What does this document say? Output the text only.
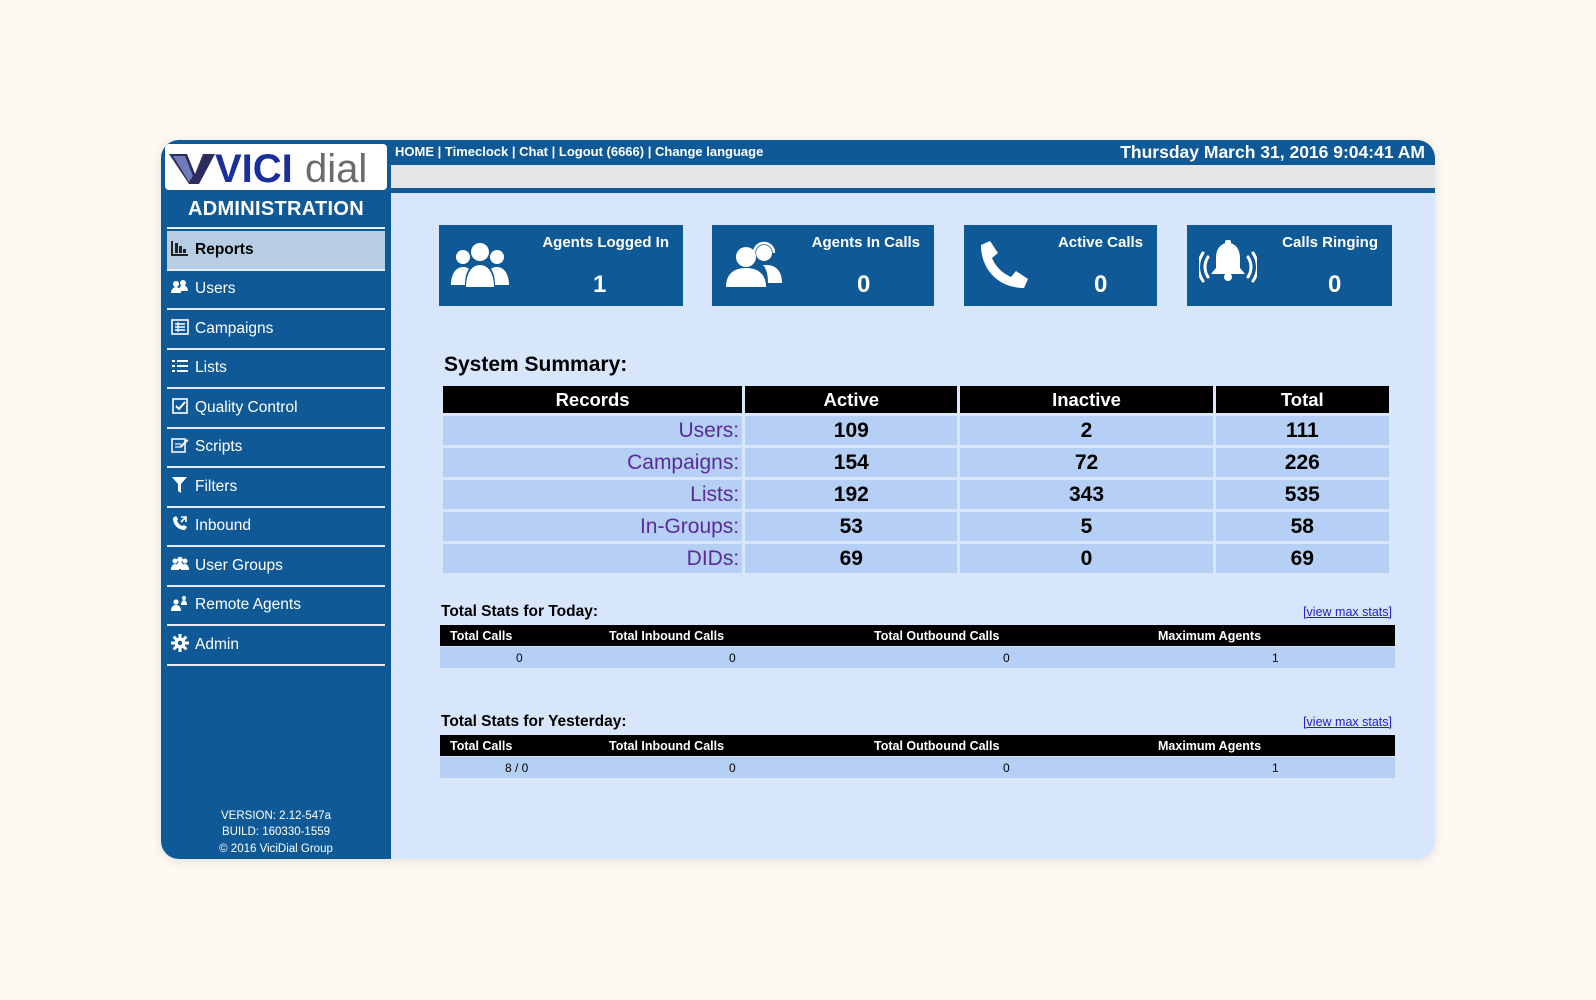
VICI dial
ADMINISTRATION
Reports
Users
Campaigns
Lists
Quality Control
Scripts
Filters
Inbound
User Groups
Remote Agents
Admin
VERSION: 2.12-547a
BUILD: 160330-1559
© 2016 ViciDial Group
HOME | Timeclock | Chat | Logout (6666) | Change language	Thursday March 31, 2016 9:04:41 AM
Agents Logged In
1
Agents In Calls
0
Active Calls
0
Calls Ringing
0
System Summary:
Records	Active	Inactive	Total
Users:	109	2	111
Campaigns:	154	72	226
Lists:	192	343	535
In-Groups:	53	5	58
DIDs:	69	0	69
Total Stats for Today:	[view max stats]
Total Calls	Total Inbound Calls	Total Outbound Calls	Maximum Agents
0	0	0	1
Total Stats for Yesterday:	[view max stats]
Total Calls	Total Inbound Calls	Total Outbound Calls	Maximum Agents
8 / 0	0	0	1
